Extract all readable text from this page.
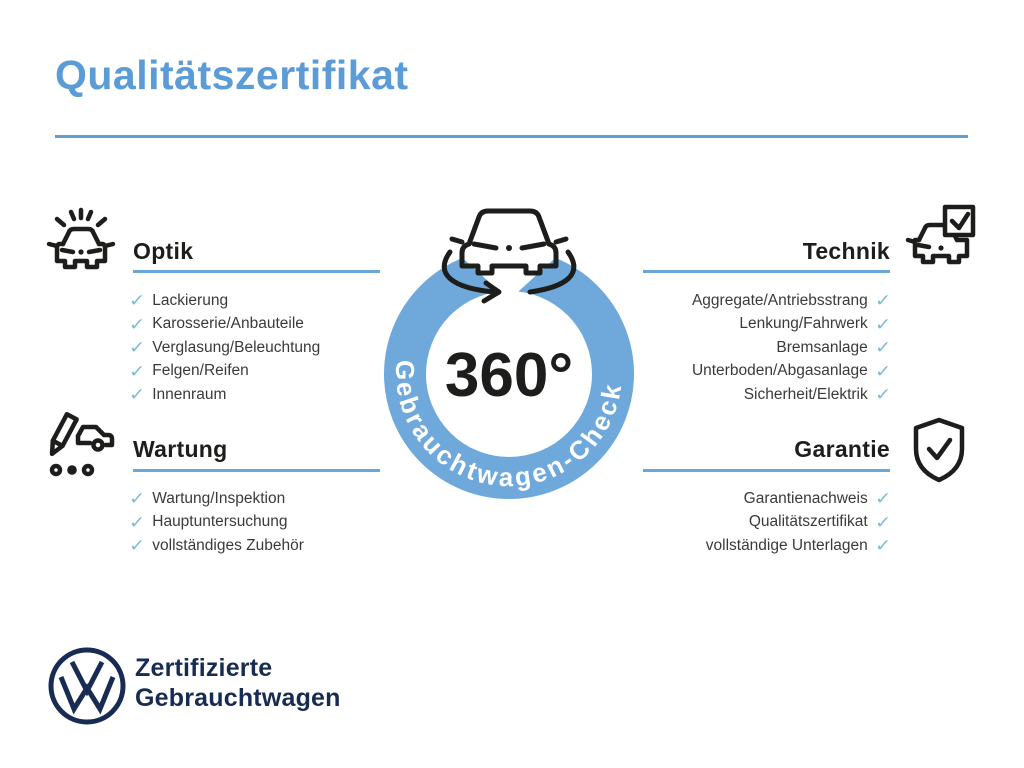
Qualitätszertifikat
Optik
✓ Lackierung
✓ Karosserie/Anbauteile
✓ Verglasung/Beleuchtung
✓ Felgen/Reifen
✓ Innenraum
Wartung
✓ Wartung/Inspektion
✓ Hauptuntersuchung
✓ vollständiges Zubehör
Technik
Aggregate/Antriebsstrang ✓
Lenkung/Fahrwerk ✓
Bremsanlage ✓
Unterboden/Abgasanlage ✓
Sicherheit/Elektrik ✓
Garantie
Garantienachweis ✓
Qualitätszertifikat ✓
vollständige Unterlagen ✓
Gebrauchtwagen-Check
360°
Zertifizierte
Gebrauchtwagen
